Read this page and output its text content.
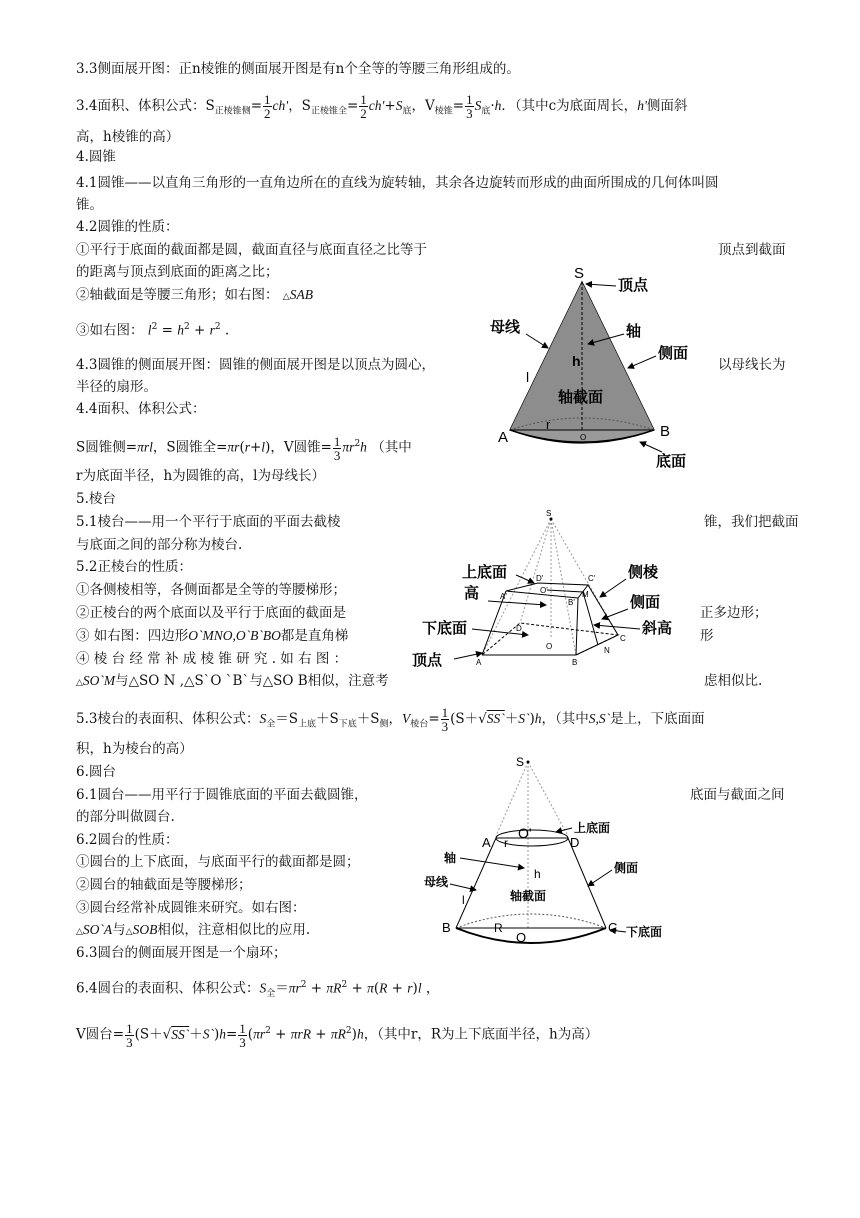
3.3侧面展开图：正n棱锥的侧面展开图是有n个全等的等腰三角形组成的。
3.4面积、体积公式：$S_{正棱锥侧}= \frac{1}{2} ch'$，$S_{正棱锥全}= \frac{1}{2} ch'+S_底$，$V_{棱锥}= \frac{1}{3} S_底\cdot h$．（其中c为底面周长，h'侧面斜
高，h棱锥的高）
4.圆锥
4.1圆锥——以直角三角形的一直角边所在的直线为旋转轴，其余各边旋转而形成的曲面所围成的几何体叫圆
锥。
4.2圆锥的性质：
①平行于底面的截面都是圆，截面直径与底面直径之比等于	顶点到截面
的距离与顶点到底面的距离之比；
②轴截面是等腰三角形；如右图： △SAB
③如右图： $l^2 = h^2 + r^2$ .
4.3圆锥的侧面展开图：圆锥的侧面展开图是以顶点为圆心，	以母线长为
半径的扇形。
4.4面积、体积公式：
S圆锥侧=πrl，S圆锥全=πr(r+l)，V圆锥= $\frac{1}{3} \pi r^2h$ （其中
r为底面半径，h为圆锥的高，l为母线长）
5.棱台
5.1棱台——用一个平行于底面的平面去截棱	锥，我们把截面
与底面之间的部分称为棱台.
5.2正棱台的性质：
①各侧棱相等，各侧面都是全等的等腰梯形；
②正棱台的两个底面以及平行于底面的截面是	正多边形；
③ 如右图：四边形O`MNO,O`B`BO都是直角梯	形
④ 棱 台 经 常 补 成 棱 锥 研 究 . 如 右 图 ：
△SO`M与△SO N ,△S`O `B`与△SO B相似，注意考	虑相似比.
5.3棱台的表面积、体积公式：$S_全=S_{上底}+S_{下底}+S_侧$，$V_{棱台}= \frac{1}{3}$ (S＋√SS`＋S`)h，（其中S,S`是上，下底面面
积，h为棱台的高）
6.圆台
6.1圆台——用平行于圆锥底面的平面去截圆锥，	底面与截面之间
的部分叫做圆台.
6.2圆台的性质：
①圆台的上下底面，与底面平行的截面都是圆；
②圆台的轴截面是等腰梯形；
③圆台经常补成圆锥来研究。如右图：
△SO`A与△SOB相似，注意相似比的应用.
6.3圆台的侧面展开图是一个扇环；
6.4圆台的表面积、体积公式：$S_全=\pi r^2 + \pi R^2 + \pi(R + r)l$ ，
V圆台= $\frac{1}{3}$ (S＋√SS`＋S`)h= $\frac{1}{3} (\pi r^2 + \pi rR + \pi R^2)h$，（其中r，R为上下底面半径，h为高）
S
顶点
母线	轴
侧面
h
l
轴截面
A
r
O	B
底面
S
上底面
高
侧棱
侧面
下底面	斜高
顶点
D'	C'
O'
A'
B'
M
D
O
C
N
A	B
S
A r
O'
D
上底面
轴
侧面
h
母线
轴截面
l
B	R
O
C 下底面
